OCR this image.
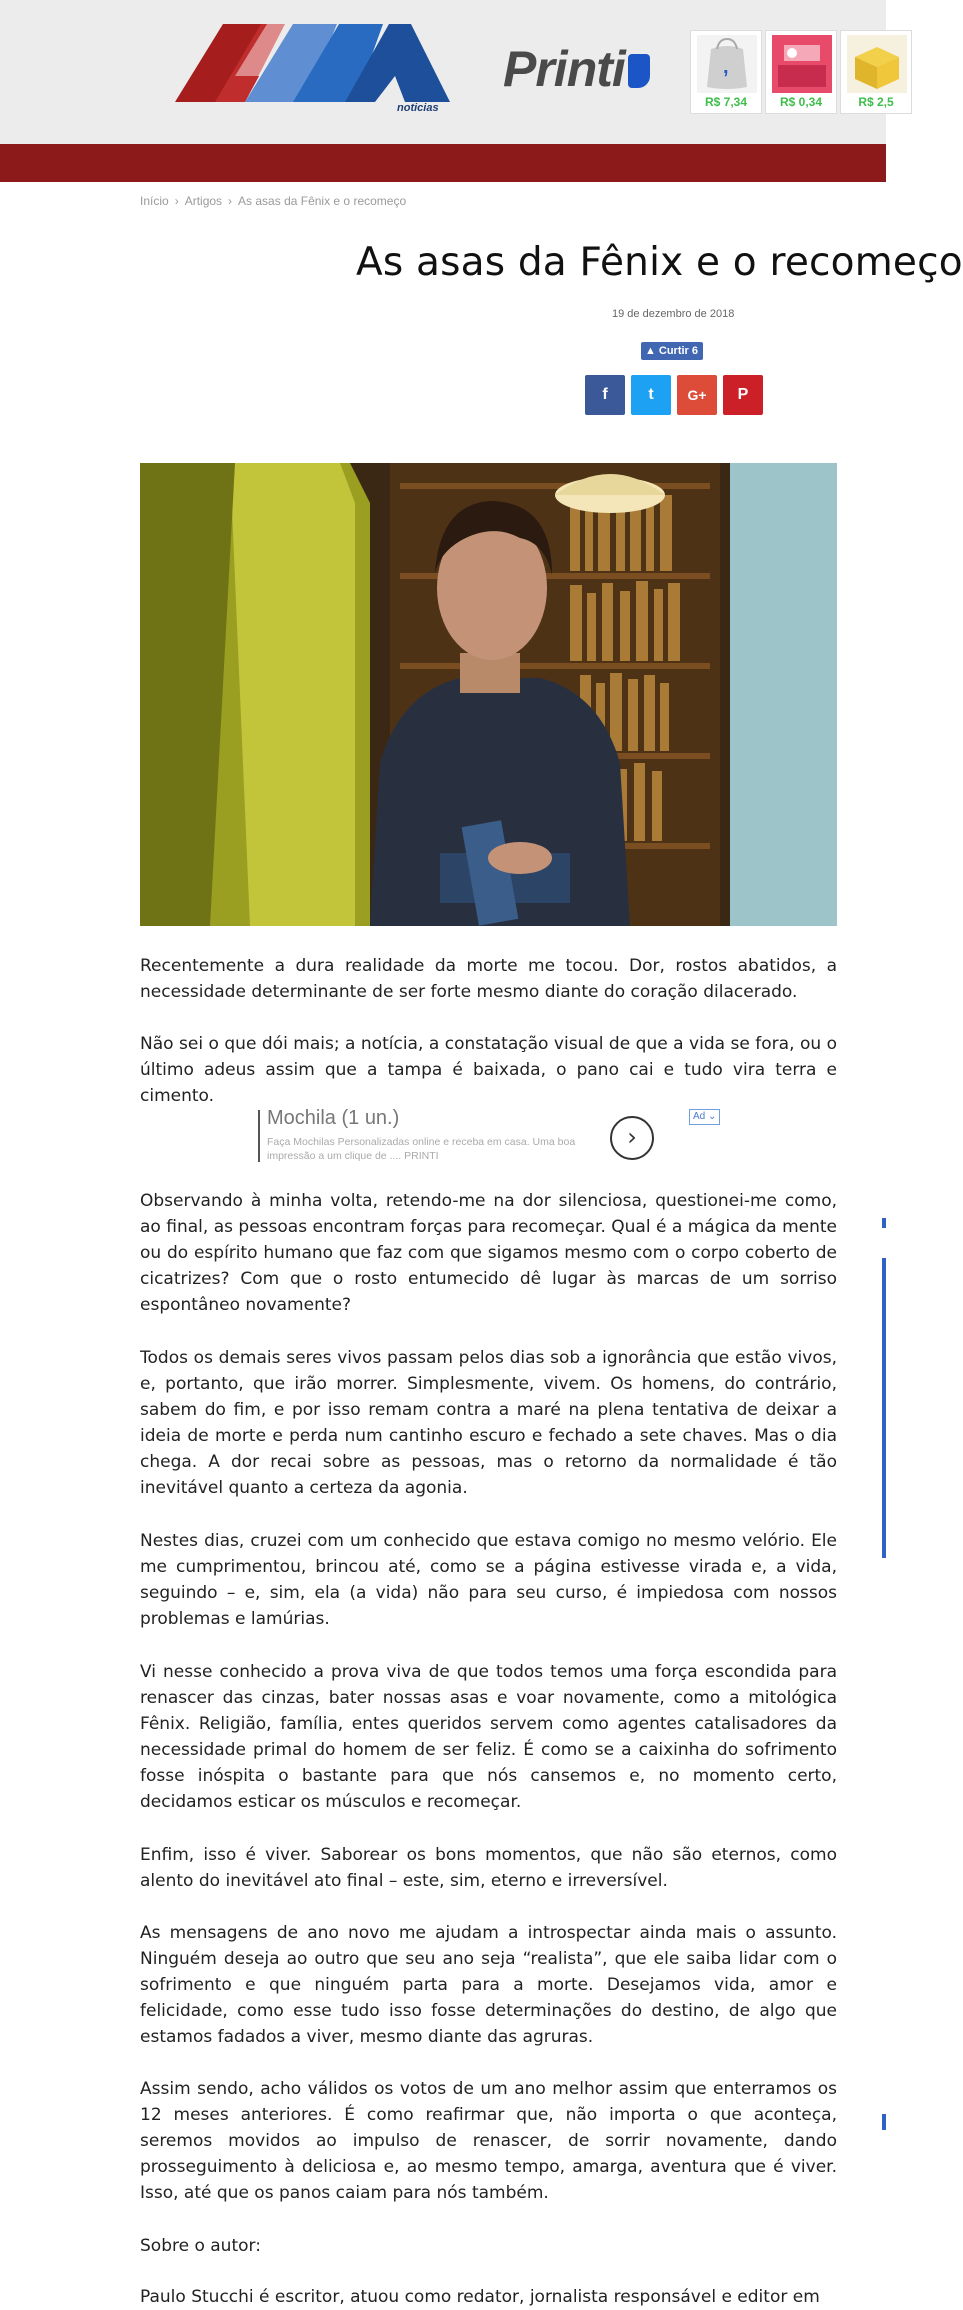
noticias
Printi	,
R$ 7,34	R$ 0,34	R$ 2,5
Início › Artigos › As asas da Fênix e o recomeço
As asas da Fênix e o recomeço
19 de dezembro de 2018
▲ Curtir 6
f	t	G+	P
Recentemente a dura realidade da morte me tocou. Dor, rostos abatidos, a necessidade determinante de ser forte mesmo diante do coração dilacerado.
Não sei o que dói mais; a notícia, a constatação visual de que a vida se fora, ou o último adeus assim que a tampa é baixada, o pano cai e tudo vira terra e cimento.
Mochila (1 un.)
Faça Mochilas Personalizadas online e receba em casa. Uma boa impressão a um clique de .... PRINTI
›
Ad ⌄
Observando à minha volta, retendo-me na dor silenciosa, questionei-me como, ao final, as pessoas encontram forças para recomeçar. Qual é a mágica da mente ou do espírito humano que faz com que sigamos mesmo com o corpo coberto de cicatrizes? Com que o rosto entumecido dê lugar às marcas de um sorriso espontâneo novamente?
Todos os demais seres vivos passam pelos dias sob a ignorância que estão vivos, e, portanto, que irão morrer. Simplesmente, vivem. Os homens, do contrário, sabem do fim, e por isso remam contra a maré na plena tentativa de deixar a ideia de morte e perda num cantinho escuro e fechado a sete chaves. Mas o dia chega. A dor recai sobre as pessoas, mas o retorno da normalidade é tão inevitável quanto a certeza da agonia.
Nestes dias, cruzei com um conhecido que estava comigo no mesmo velório. Ele me cumprimentou, brincou até, como se a página estivesse virada e, a vida, seguindo – e, sim, ela (a vida) não para seu curso, é impiedosa com nossos problemas e lamúrias.
Vi nesse conhecido a prova viva de que todos temos uma força escondida para renascer das cinzas, bater nossas asas e voar novamente, como a mitológica Fênix. Religião, família, entes queridos servem como agentes catalisadores da necessidade primal do homem de ser feliz. É como se a caixinha do sofrimento fosse inóspita o bastante para que nós cansemos e, no momento certo, decidamos esticar os músculos e recomeçar.
Enfim, isso é viver. Saborear os bons momentos, que não são eternos, como alento do inevitável ato final – este, sim, eterno e irreversível.
As mensagens de ano novo me ajudam a introspectar ainda mais o assunto. Ninguém deseja ao outro que seu ano seja “realista”, que ele saiba lidar com o sofrimento e que ninguém parta para a morte. Desejamos vida, amor e felicidade, como esse tudo isso fosse determinações do destino, de algo que estamos fadados a viver, mesmo diante das agruras.
Assim sendo, acho válidos os votos de um ano melhor assim que enterramos os 12 meses anteriores. É como reafirmar que, não importa o que aconteça, seremos movidos ao impulso de renascer, de sorrir novamente, dando prosseguimento à deliciosa e, ao mesmo tempo, amarga, aventura que é viver. Isso, até que os panos caiam para nós também.
Sobre o autor:
Paulo Stucchi é escritor, atuou como redator, jornalista responsável e editor em
